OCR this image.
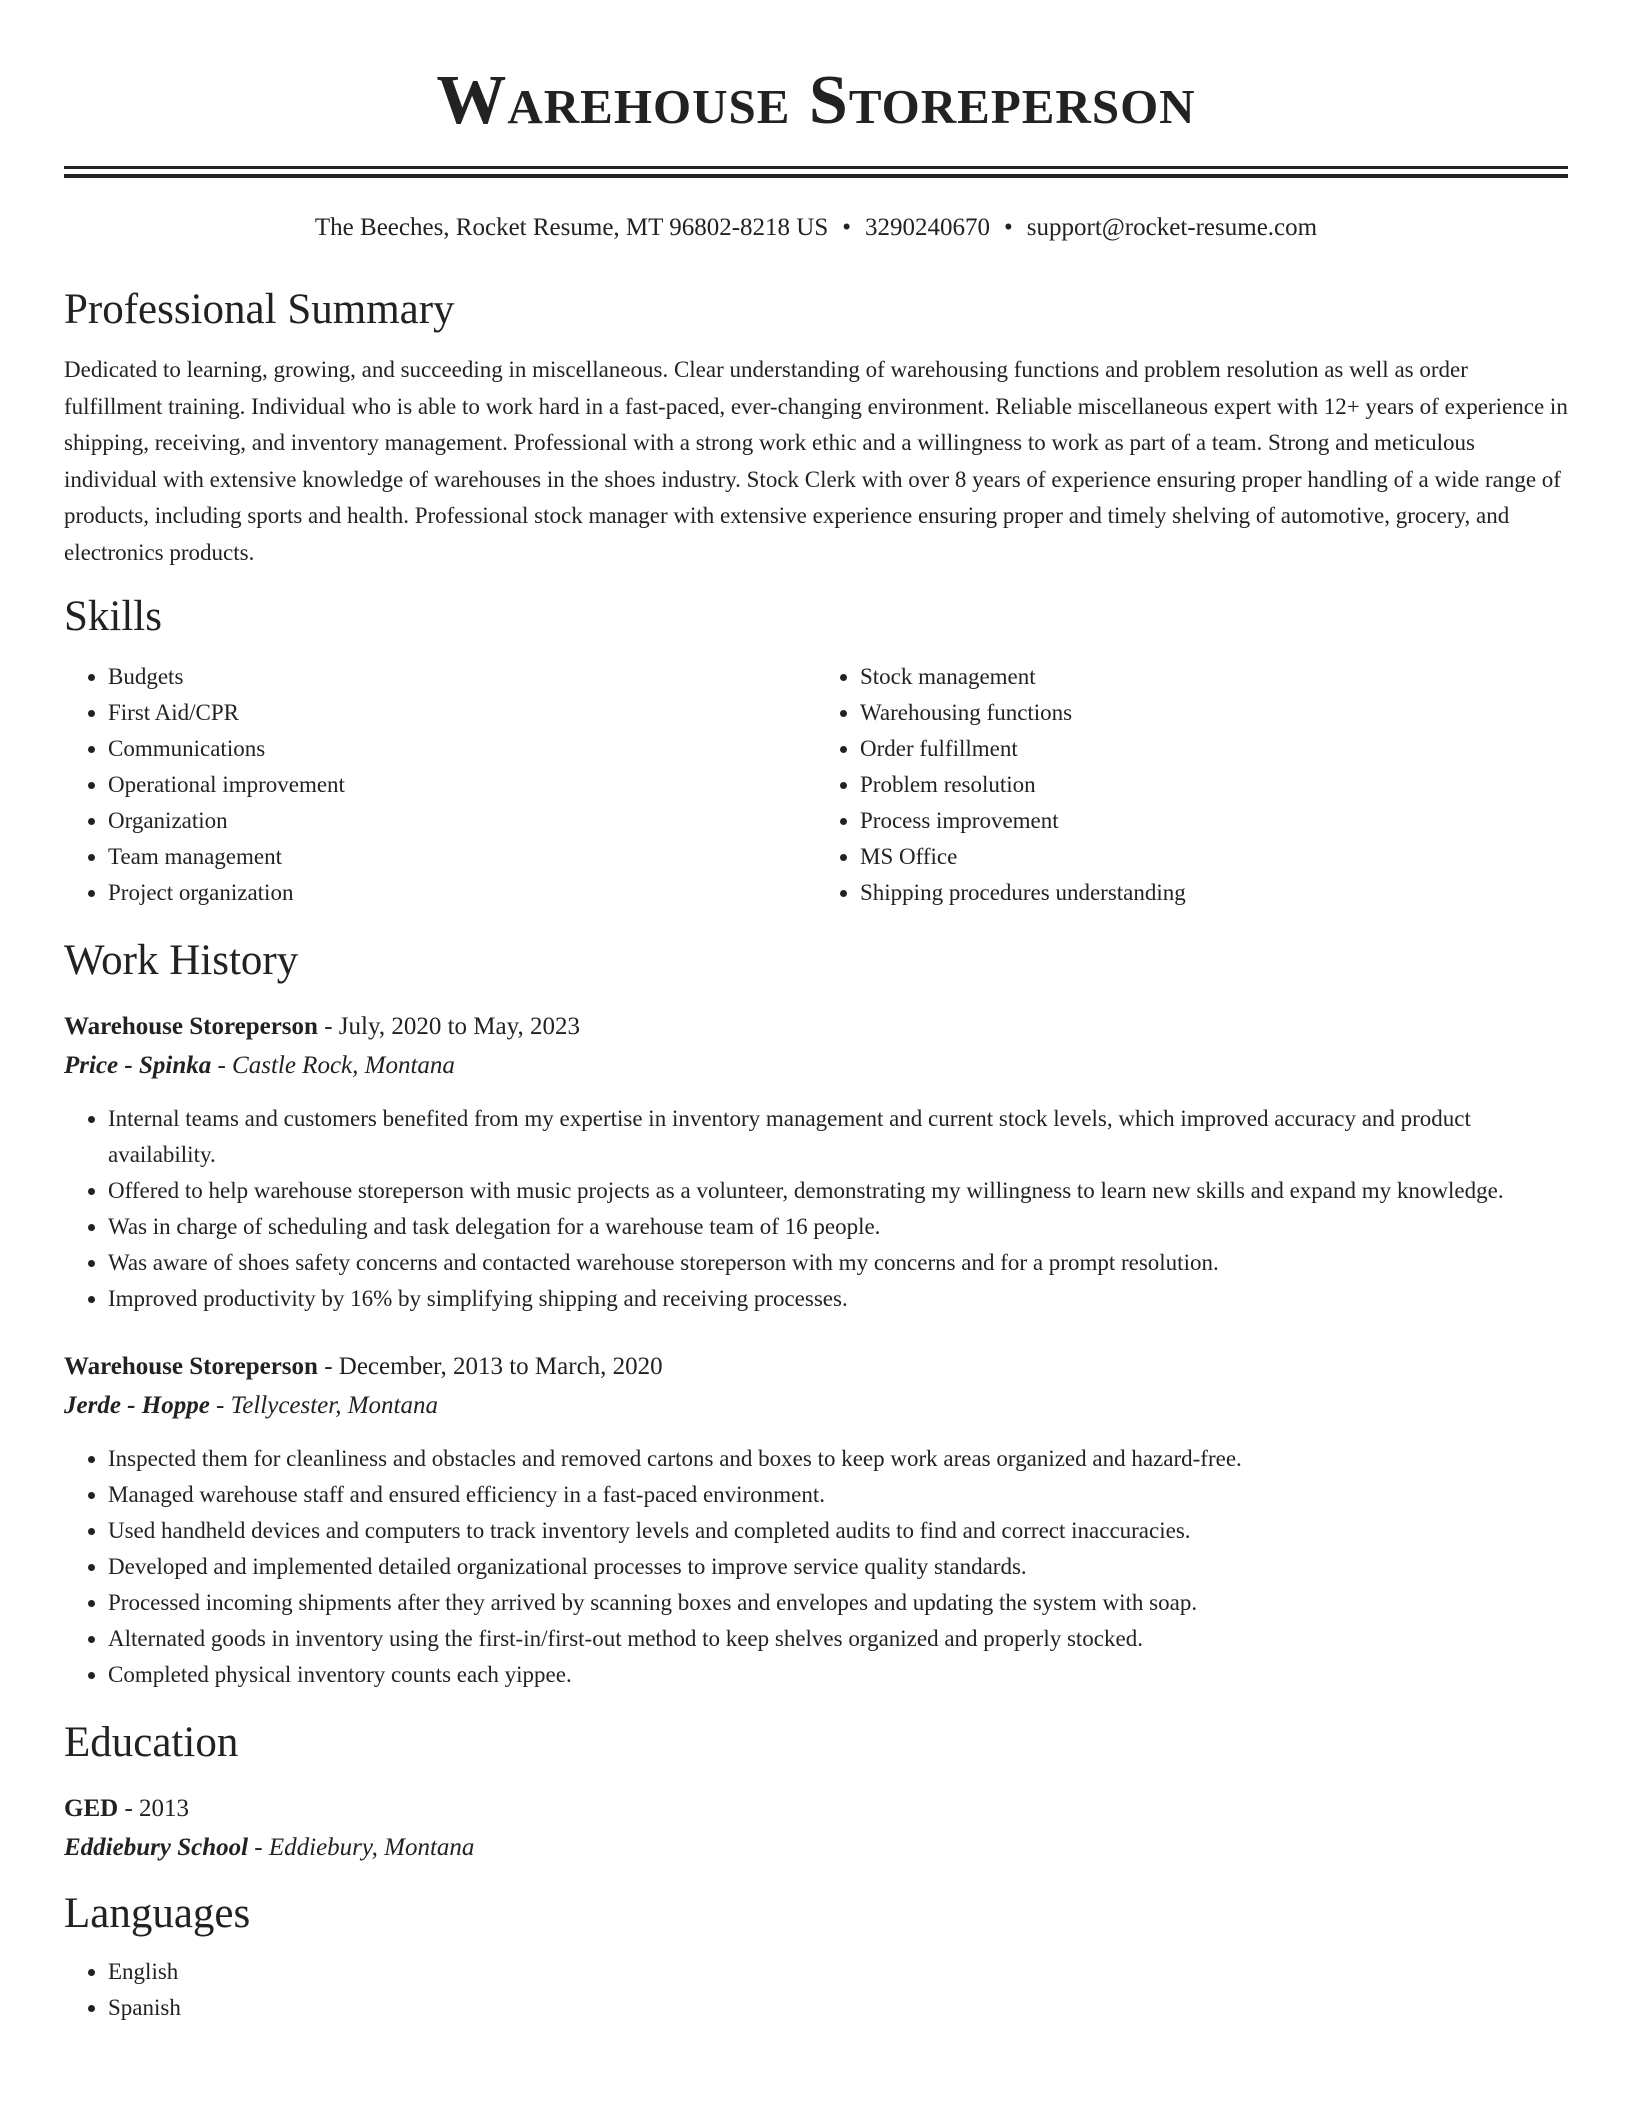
Warehouse Storeperson
The Beeches, Rocket Resume, MT 96802-8218 US • 3290240670 • support@rocket-resume.com
Professional Summary

Dedicated to learning, growing, and succeeding in miscellaneous. Clear understanding of warehousing functions and problem resolution as well as order fulfillment training. Individual who is able to work hard in a fast-paced, ever-changing environment. Reliable miscellaneous expert with 12+ years of experience in shipping, receiving, and inventory management. Professional with a strong work ethic and a willingness to work as part of a team. Strong and meticulous individual with extensive knowledge of warehouses in the shoes industry. Stock Clerk with over 8 years of experience ensuring proper handling of a wide range of products, including sports and health. Professional stock manager with extensive experience ensuring proper and timely shelving of automotive, grocery, and electronics products.

Skills
• Budgets
• First Aid/CPR
• Communications
• Operational improvement
• Organization
• Team management
• Project organization
• Stock management
• Warehousing functions
• Order fulfillment
• Problem resolution
• Process improvement
• MS Office
• Shipping procedures understanding
Work History
Warehouse Storeperson - July, 2020 to May, 2023
Price - Spinka - Castle Rock, Montana
• Internal teams and customers benefited from my expertise in inventory management and current stock levels, which improved accuracy and product availability.
• Offered to help warehouse storeperson with music projects as a volunteer, demonstrating my willingness to learn new skills and expand my knowledge.
• Was in charge of scheduling and task delegation for a warehouse team of 16 people.
• Was aware of shoes safety concerns and contacted warehouse storeperson with my concerns and for a prompt resolution.
• Improved productivity by 16% by simplifying shipping and receiving processes.
Warehouse Storeperson - December, 2013 to March, 2020
Jerde - Hoppe - Tellycester, Montana
• Inspected them for cleanliness and obstacles and removed cartons and boxes to keep work areas organized and hazard-free.
• Managed warehouse staff and ensured efficiency in a fast-paced environment.
• Used handheld devices and computers to track inventory levels and completed audits to find and correct inaccuracies.
• Developed and implemented detailed organizational processes to improve service quality standards.
• Processed incoming shipments after they arrived by scanning boxes and envelopes and updating the system with soap.
• Alternated goods in inventory using the first-in/first-out method to keep shelves organized and properly stocked.
• Completed physical inventory counts each yippee.
Education
GED - 2013
Eddiebury School - Eddiebury, Montana
Languages
• English
• Spanish
